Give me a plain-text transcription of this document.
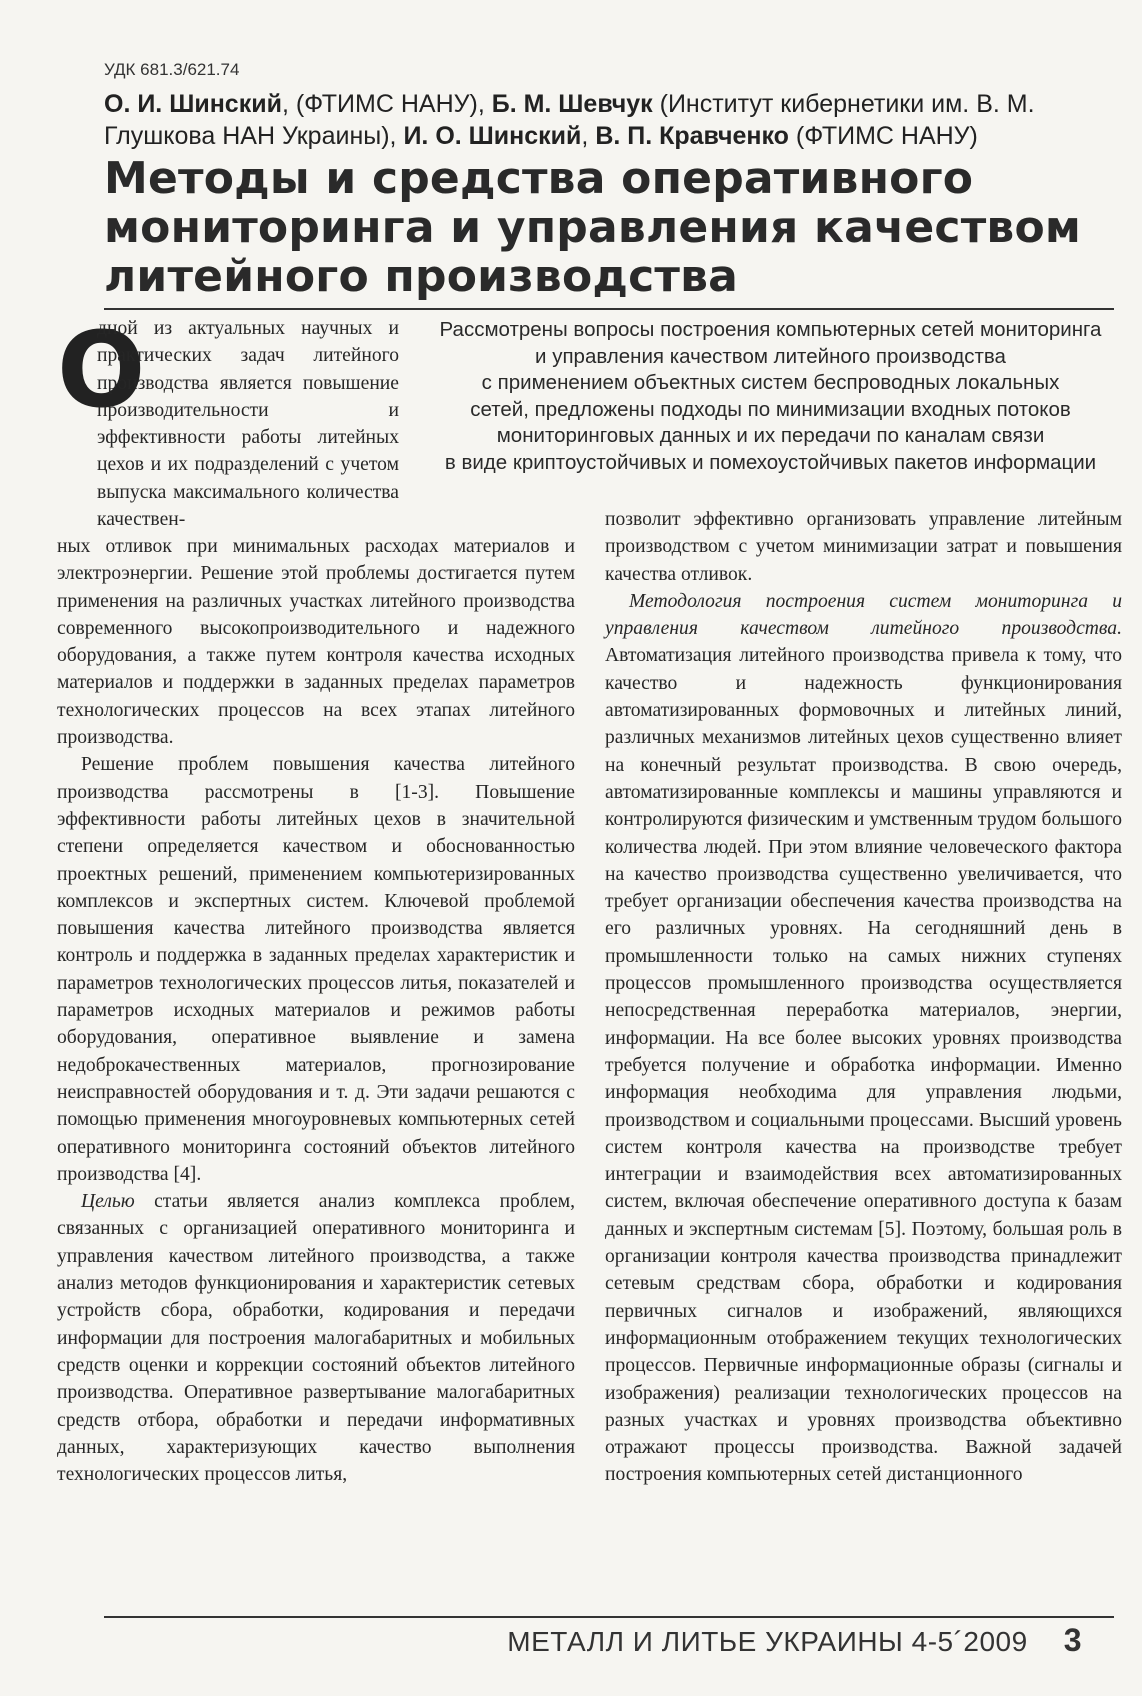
УДК 681.3/621.74
О. И. Шинский, (ФТИМС НАНУ), Б. М. Шевчук (Институт кибернетики им. В. М. Глушкова НАН Украины), И. О. Шинский, В. П. Кравченко (ФТИМС НАНУ)
Методы и средства оперативного мониторинга и управления качеством литейного производства
Рассмотрены вопросы построения компьютерных сетей мониторинга
и управления качеством литейного производства
с применением объектных систем беспроводных локальных
сетей, предложены подходы по минимизации входных потоков
мониторинговых данных и их передачи по каналам связи
в виде криптоустойчивых и помехоустойчивых пакетов информации
О

дной из актуальных научных и практических задач литейного производства является повышение производительности и эффективности работы литейных цехов и их подразделений с учетом выпуска максимального количества качествен-

ных отливок при минимальных расходах материалов и электроэнергии. Решение этой проблемы достигается путем применения на различных участках литейного производства современного высокопроизводительного и надежного оборудования, а также путем контроля качества исходных материалов и поддержки в заданных пределах параметров технологических процессов на всех этапах литейного производства.

Решение проблем повышения качества литейного производства рассмотрены в [1-3]. Повышение эффективности работы литейных цехов в значительной степени определяется качеством и обоснованностью проектных решений, применением компьютеризированных комплексов и экспертных систем. Ключевой проблемой повышения качества литейного производства является контроль и поддержка в заданных пределах характеристик и параметров технологических процессов литья, показателей и параметров исходных материалов и режимов работы оборудования, оперативное выявление и замена недоброкачественных материалов, прогнозирование неисправностей оборудования и т. д. Эти задачи решаются с помощью применения многоуровневых компьютерных сетей оперативного мониторинга состояний объектов литейного производства [4].

Целью статьи является анализ комплекса проблем, связанных с организацией оперативного мониторинга и управления качеством литейного производства, а также анализ методов функционирования и характеристик сетевых устройств сбора, обработки, кодирования и передачи информации для построения малогабаритных и мобильных средств оценки и коррекции состояний объектов литейного производства. Оперативное развертывание малогабаритных средств отбора, обработки и передачи информативных данных, характеризующих качество выполнения технологических процессов литья,

позволит эффективно организовать управление литейным производством с учетом минимизации затрат и повышения качества отливок.

Методология построения систем мониторинга и управления качеством литейного производства. Автоматизация литейного производства привела к тому, что качество и надежность функционирования автоматизированных формовочных и литейных линий, различных механизмов литейных цехов существенно влияет на конечный результат производства. В свою очередь, автоматизированные комплексы и машины управляются и контролируются физическим и умственным трудом большого количества людей. При этом влияние человеческого фактора на качество производства существенно увеличивается, что требует организации обеспечения качества производства на его различных уровнях. На сегодняшний день в промышленности только на самых нижних ступенях процессов промышленного производства осуществляется непосредственная переработка материалов, энергии, информации. На все более высоких уровнях производства требуется получение и обработка информации. Именно информация необходима для управления людьми, производством и социальными процессами. Высший уровень систем контроля качества на производстве требует интеграции и взаимодействия всех автоматизированных систем, включая обеспечение оперативного доступа к базам данных и экспертным системам [5]. Поэтому, большая роль в организации контроля качества производства принадлежит сетевым средствам сбора, обработки и кодирования первичных сигналов и изображений, являющихся информационным отображением текущих технологических процессов. Первичные информационные образы (сигналы и изображения) реализации технологических процессов на разных участках и уровнях производства объективно отражают процессы производства. Важной задачей построения компьютерных сетей дистанционного

МЕТАЛЛ И ЛИТЬЕ УКРАИНЫ 4-5´2009 3
